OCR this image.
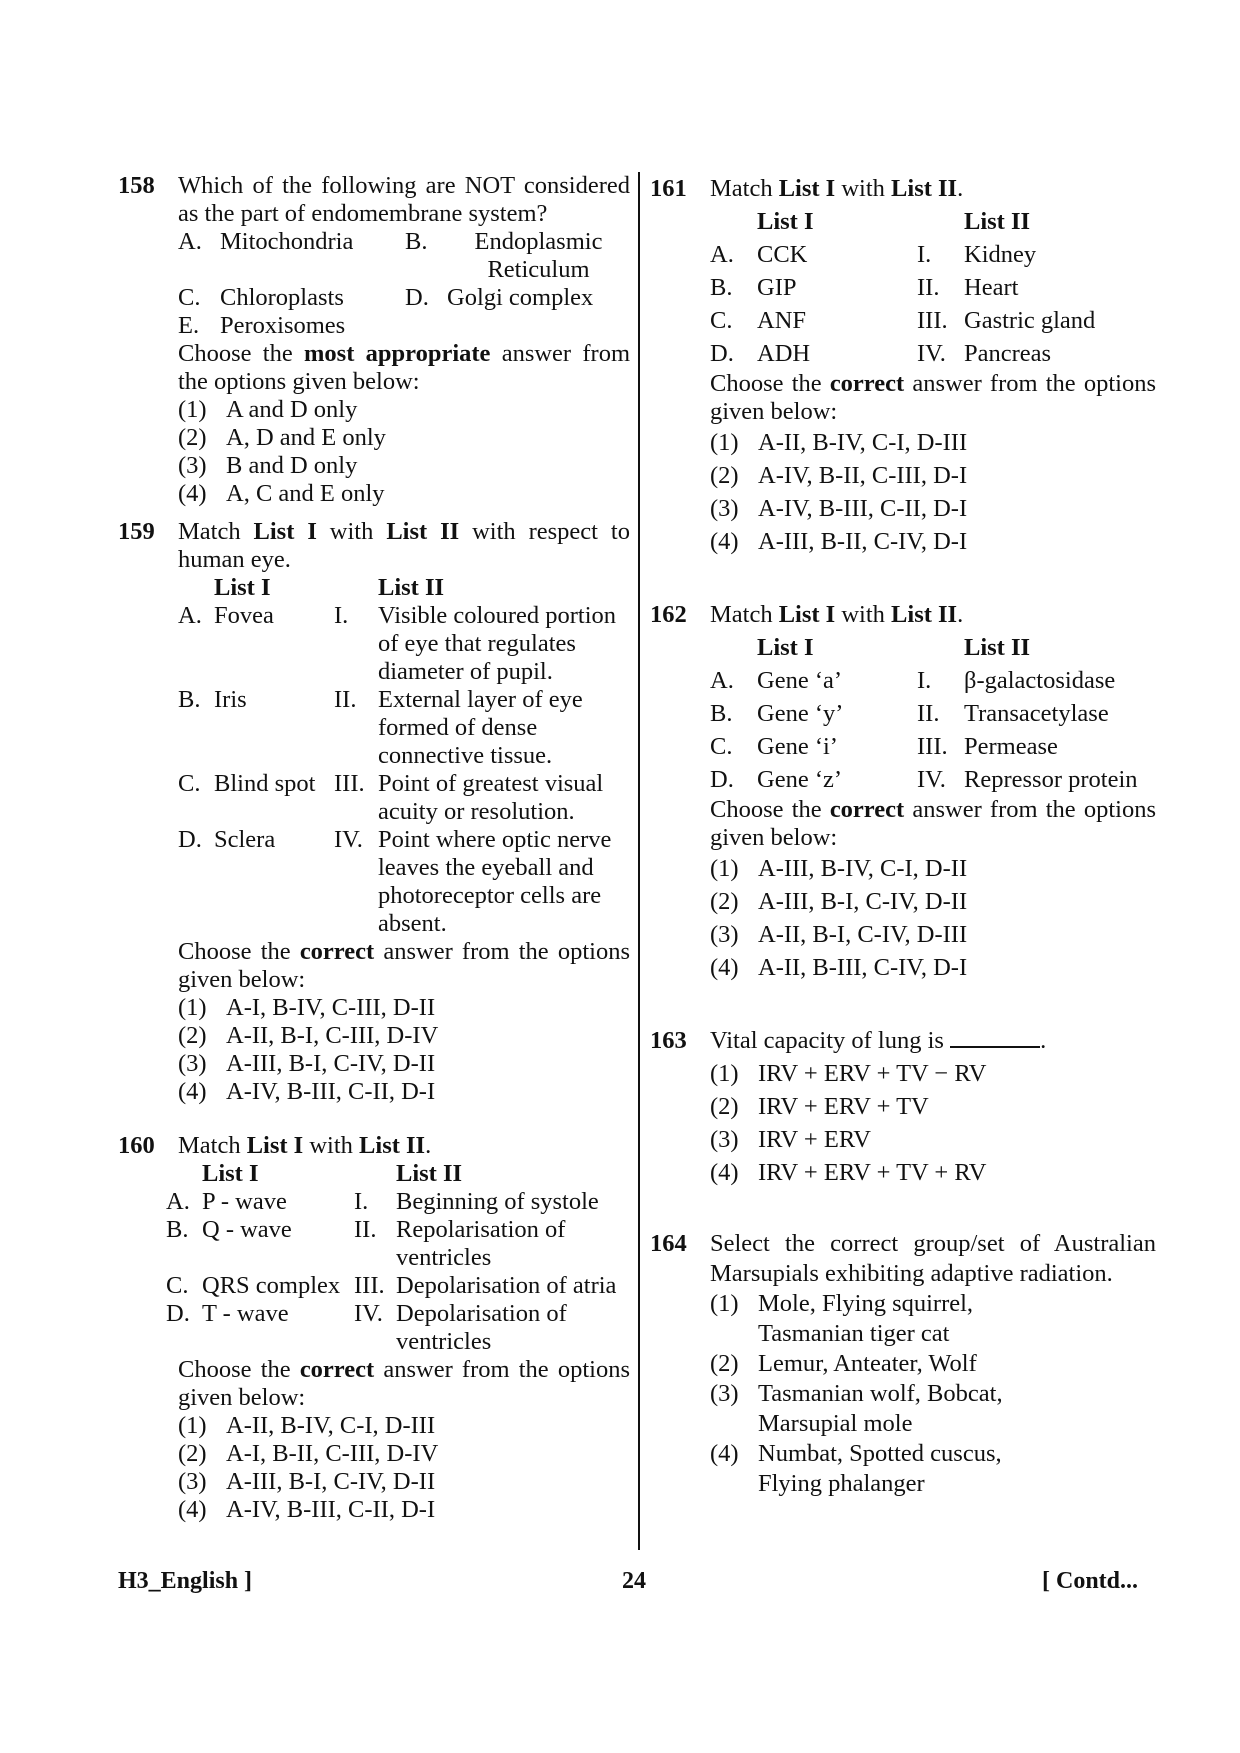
158 Which of the following are NOT considered as the part of endomembrane system?
A.	Mitochondria	B.	Endoplasmic Reticulum
C.	Chloroplasts	D.	Golgi complex
E.	Peroxisomes		
Choose the most appropriate answer from the options given below:
(1) A and D only
(2) A, D and E only
(3) B and D only
(4) A, C and E only
159 Match List I with List II with respect to human eye.
	List I		List II
A.	Fovea	I.	Visible coloured portion of eye that regulates diameter of pupil.
B.	Iris	II.	External layer of eye formed of dense connective tissue.
C.	Blind spot	III.	Point of greatest visual acuity or resolution.
D.	Sclera	IV.	Point where optic nerve leaves the eyeball and photoreceptor cells are absent.
Choose the correct answer from the options given below:
(1) A-I, B-IV, C-III, D-II
(2) A-II, B-I, C-III, D-IV
(3) A-III, B-I, C-IV, D-II
(4) A-IV, B-III, C-II, D-I
160 Match List I with List II.
	List I		List II
A.	P - wave	I.	Beginning of systole
B.	Q - wave	II.	Repolarisation of ventricles
C.	QRS complex	III.	Depolarisation of atria
D.	T - wave	IV.	Depolarisation of ventricles
Choose the correct answer from the options given below:
(1) A-II, B-IV, C-I, D-III
(2) A-I, B-II, C-III, D-IV
(3) A-III, B-I, C-IV, D-II
(4) A-IV, B-III, C-II, D-I
161 Match List I with List II.
	List I		List II
A.	CCK	I.	Kidney
B.	GIP	II.	Heart
C.	ANF	III.	Gastric gland
D.	ADH	IV.	Pancreas
Choose the correct answer from the options given below:
(1) A-II, B-IV, C-I, D-III
(2) A-IV, B-II, C-III, D-I
(3) A-IV, B-III, C-II, D-I
(4) A-III, B-II, C-IV, D-I
162 Match List I with List II.
	List I		List II
A.	Gene ‘a’	I.	β-galactosidase
B.	Gene ‘y’	II.	Transacetylase
C.	Gene ‘i’	III.	Permease
D.	Gene ‘z’	IV.	Repressor protein
Choose the correct answer from the options given below:
(1) A-III, B-IV, C-I, D-II
(2) A-III, B-I, C-IV, D-II
(3) A-II, B-I, C-IV, D-III
(4) A-II, B-III, C-IV, D-I
163 Vital capacity of lung is	.
(1) IRV + ERV + TV − RV
(2) IRV + ERV + TV
(3) IRV + ERV
(4) IRV + ERV + TV + RV
164 Select the correct group/set of Australian Marsupials exhibiting adaptive radiation.
(1) Mole, Flying squirrel,
Tasmanian tiger cat
(2) Lemur, Anteater, Wolf
(3) Tasmanian wolf, Bobcat,
Marsupial mole
(4) Numbat, Spotted cuscus,
Flying phalanger
H3_English ]	24	[ Contd...
